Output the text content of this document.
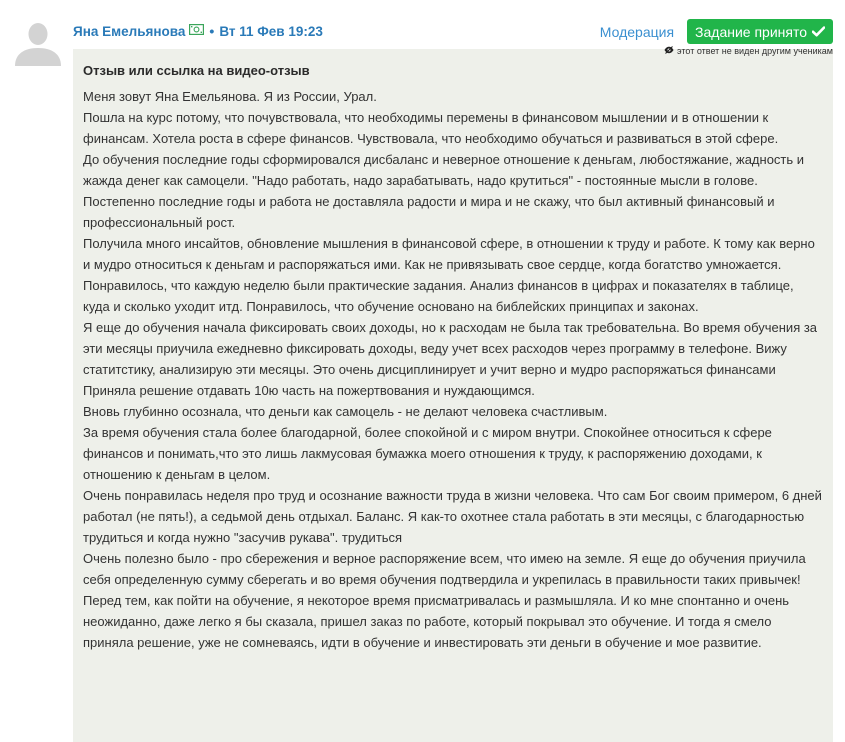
Яна Емельянова • Вт 11 Фев 19:23	Модерация Задание принято
этот ответ не виден другим ученикам
Отзыв или ссылка на видео-отзыв

Меня зовут Яна Емельянова. Я из России, Урал.

Пошла на курс потому, что почувствовала, что необходимы перемены в финансовом мышлении и в отношении к финансам. Хотела роста в сфере финансов. Чувствовала, что необходимо обучаться и развиваться в этой сфере.

До обучения последние годы сформировался дисбаланс и неверное отношение к деньгам, любостяжание, жадность и жажда денег как самоцели. "Надо работать, надо зарабатывать, надо крутиться" - постоянные мысли в голове. Постепенно последние годы и работа не доставляла радости и мира и не скажу, что был активный финансовый и профессиональный рост.

Получила много инсайтов, обновление мышления в финансовой сфере, в отношении к труду и работе. К тому как верно и мудро относиться к деньгам и распоряжаться ими. Как не привязывать свое сердце, когда богатство умножается.

Понравилось, что каждую неделю были практические задания. Анализ финансов в цифрах и показателях в таблице, куда и сколько уходит итд. Понравилось, что обучение основано на библейских принципах и законах.

Я еще до обучения начала фиксировать своих доходы, но к расходам не была так требовательна. Во время обучения за эти месяцы приучила ежедневно фиксировать доходы, веду учет всех расходов через программу в телефоне. Вижу статитстику, анализирую эти месяцы. Это очень дисциплинирует и учит верно и мудро распоряжаться финансами

Приняла решение отдавать 10ю часть на пожертвования и нуждающимся.

Вновь глубинно осознала, что деньги как самоцель - не делают человека счастливым.

За время обучения стала более благодарной, более спокойной и с миром внутри. Спокойнее относиться к сфере финансов и понимать,что это лишь лакмусовая бумажка моего отношения к труду, к распоряжению доходами, к отношению к деньгам в целом.

Очень понравилась неделя про труд и осознание важности труда в жизни человека. Что сам Бог своим примером, 6 дней работал (не пять!), а седьмой день отдыхал. Баланс. Я как-то охотнее стала работать в эти месяцы, с благодарностью трудиться и когда нужно "засучив рукава". трудиться

Очень полезно было - про сбережения и верное распоряжение всем, что имею на земле. Я еще до обучения приучила себя определенную сумму сберегать и во время обучения подтвердила и укрепилась в правильности таких привычек!

Перед тем, как пойти на обучение, я некоторое время присматривалась и размышляла. И ко мне спонтанно и очень неожиданно, даже легко я бы сказала, пришел заказ по работе, который покрывал это обучение. И тогда я смело приняла решение, уже не сомневаясь, идти в обучение и инвестировать эти деньги в обучение и мое развитие.
